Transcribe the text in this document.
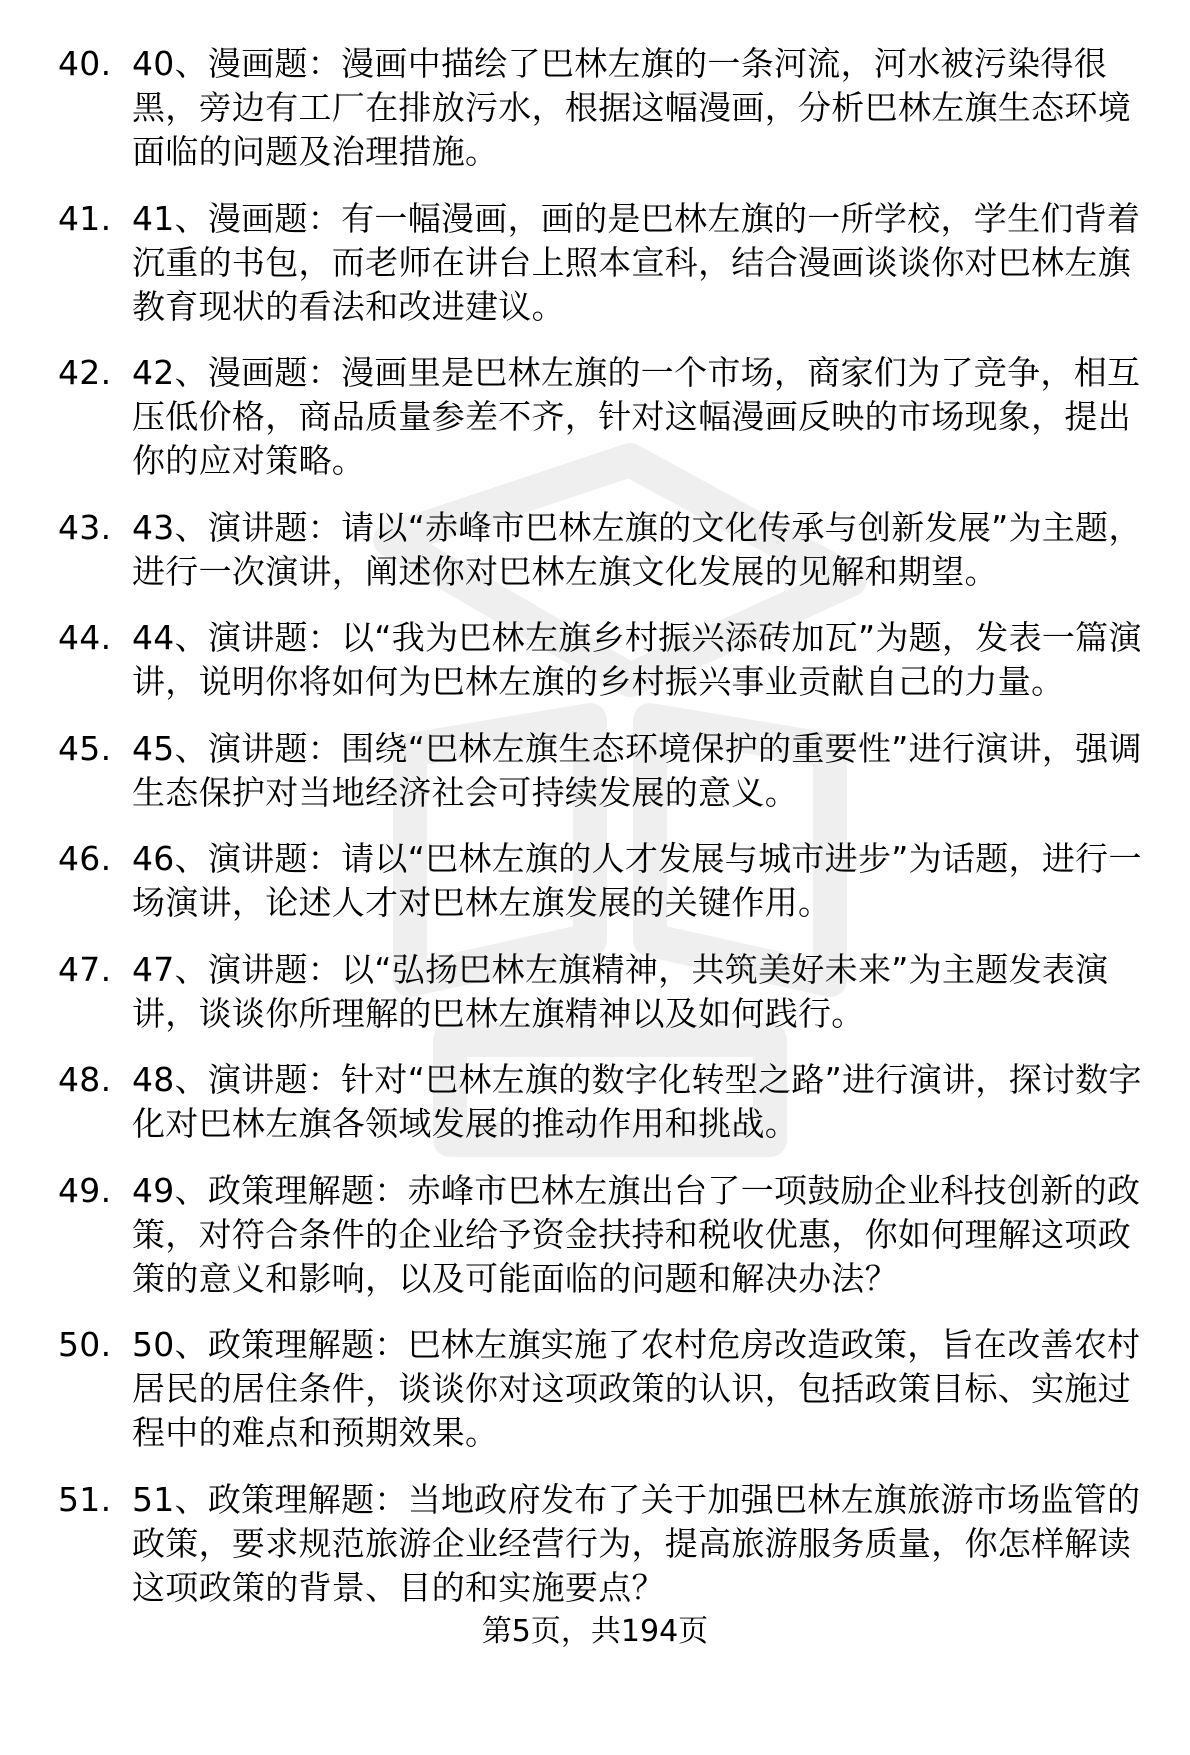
40. 40、漫画题：漫画中描绘了巴林左旗的一条河流，河水被污染得很黑，旁边有工厂在排放污水，根据这幅漫画，分析巴林左旗生态环境面临的问题及治理措施。

41. 41、漫画题：有一幅漫画，画的是巴林左旗的一所学校，学生们背着沉重的书包，而老师在讲台上照本宣科，结合漫画谈谈你对巴林左旗教育现状的看法和改进建议。

42. 42、漫画题：漫画里是巴林左旗的一个市场，商家们为了竞争，相互压低价格，商品质量参差不齐，针对这幅漫画反映的市场现象，提出你的应对策略。

43. 43、演讲题：请以“赤峰市巴林左旗的文化传承与创新发展”为主题，进行一次演讲，阐述你对巴林左旗文化发展的见解和期望。

44. 44、演讲题：以“我为巴林左旗乡村振兴添砖加瓦”为题，发表一篇演讲，说明你将如何为巴林左旗的乡村振兴事业贡献自己的力量。

45. 45、演讲题：围绕“巴林左旗生态环境保护的重要性”进行演讲，强调生态保护对当地经济社会可持续发展的意义。

46. 46、演讲题：请以“巴林左旗的人才发展与城市进步”为话题，进行一场演讲，论述人才对巴林左旗发展的关键作用。

47. 47、演讲题：以“弘扬巴林左旗精神，共筑美好未来”为主题发表演讲，谈谈你所理解的巴林左旗精神以及如何践行。

48. 48、演讲题：针对“巴林左旗的数字化转型之路”进行演讲，探讨数字化对巴林左旗各领域发展的推动作用和挑战。

49. 49、政策理解题：赤峰市巴林左旗出台了一项鼓励企业科技创新的政策，对符合条件的企业给予资金扶持和税收优惠，你如何理解这项政策的意义和影响，以及可能面临的问题和解决办法？

50. 50、政策理解题：巴林左旗实施了农村危房改造政策，旨在改善农村居民的居住条件，谈谈你对这项政策的认识，包括政策目标、实施过程中的难点和预期效果。

51. 51、政策理解题：当地政府发布了关于加强巴林左旗旅游市场监管的政策，要求规范旅游企业经营行为，提高旅游服务质量，你怎样解读这项政策的背景、目的和实施要点？

第5页，共194页
